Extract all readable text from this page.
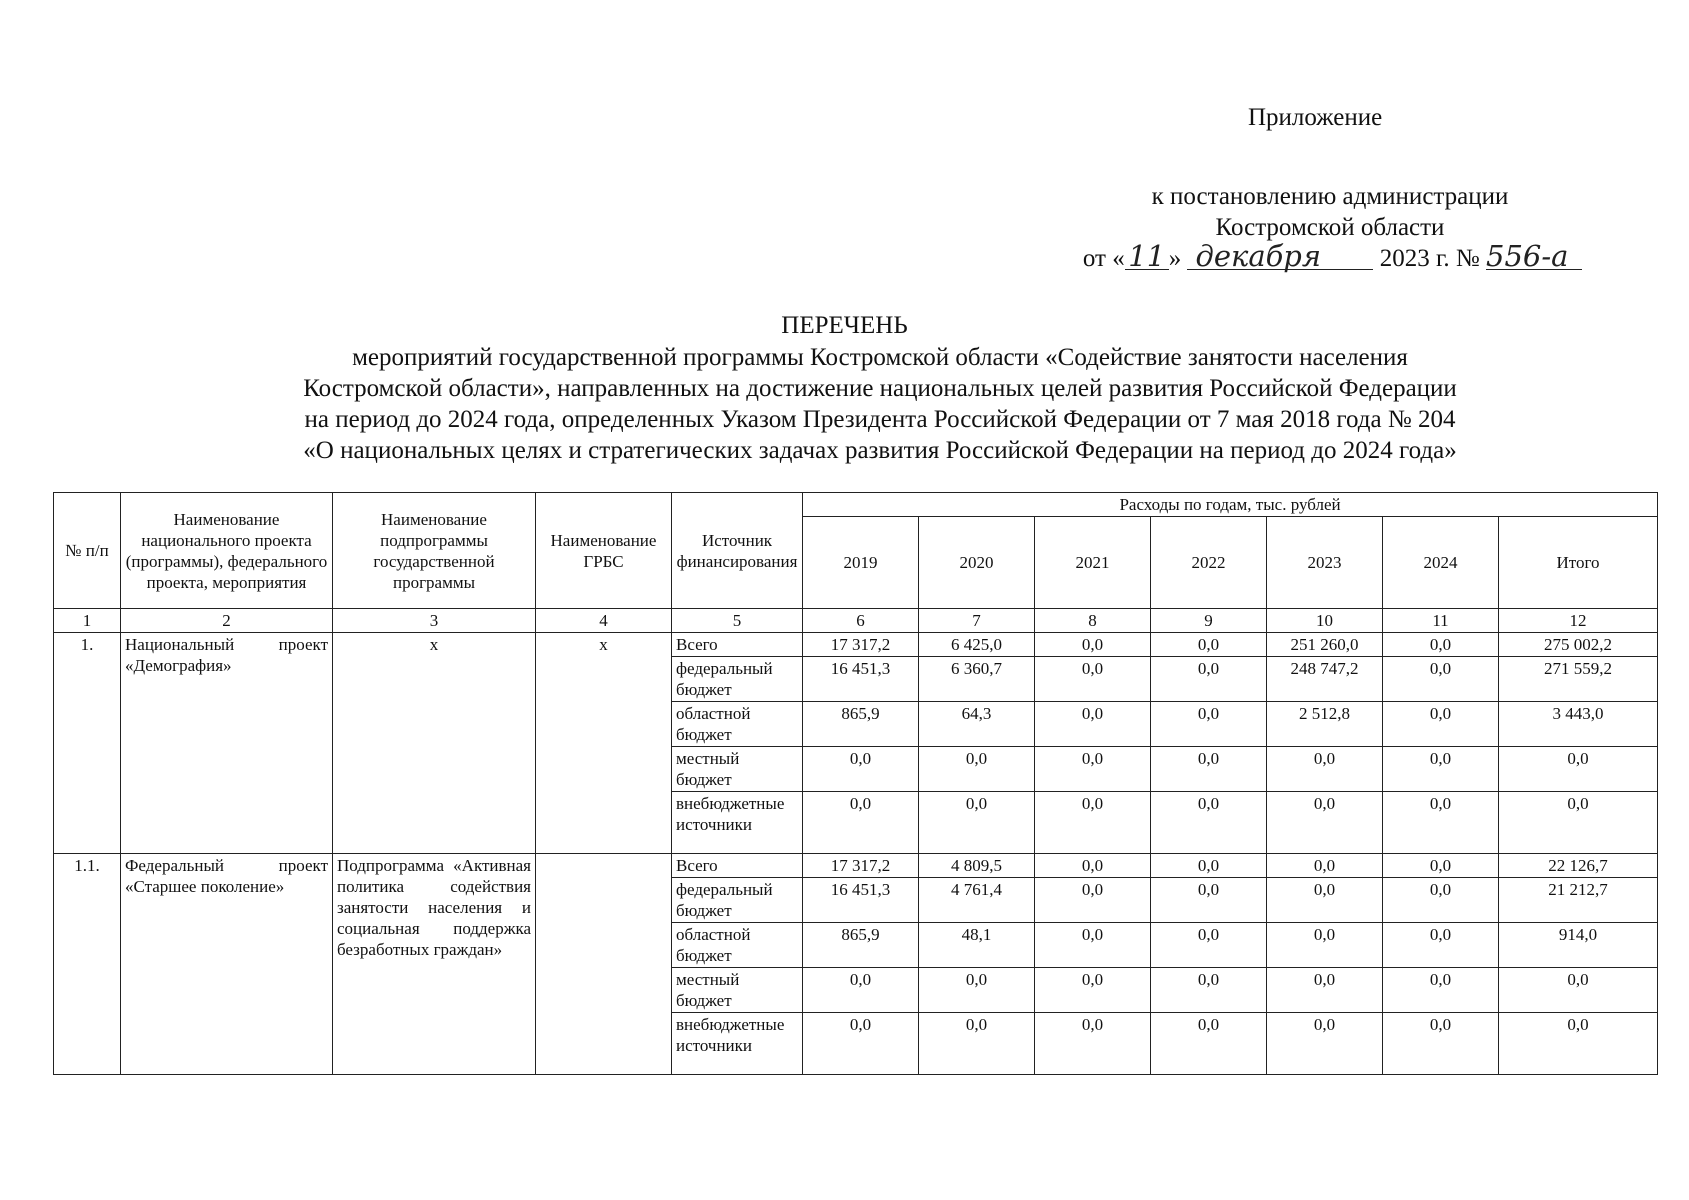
Приложение
к постановлению администрации
Костромской области
от « 11 » декабря 2023 г. № 556-а
ПЕРЕЧЕНЬ
мероприятий государственной программы Костромской области «Содействие занятости населения
Костромской области», направленных на достижение национальных целей развития Российской Федерации
на период до 2024 года, определенных Указом Президента Российской Федерации от 7 мая 2018 года № 204
«О национальных целях и стратегических задачах развития Российской Федерации на период до 2024 года»
№ п/п	Наименование национального проекта (программы), федерального проекта, мероприятия	Наименование подпрограммы государственной программы	Наименование ГРБС	Источник финансирования	Расходы по годам, тыс. рублей						
					2019	2020	2021	2022	2023	2024	Итого
1	2	3	4	5	6	7	8	9	10	11	12
1.	Национальный проект «Демография»	х	х	Всего	17 317,2	6 425,0	0,0	0,0	251 260,0	0,0	275 002,2
				федеральный бюджет	16 451,3	6 360,7	0,0	0,0	248 747,2	0,0	271 559,2
				областной бюджет	865,9	64,3	0,0	0,0	2 512,8	0,0	3 443,0
				местный бюджет	0,0	0,0	0,0	0,0	0,0	0,0	0,0
				внебюджетные источники	0,0	0,0	0,0	0,0	0,0	0,0	0,0
1.1.	Федеральный проект «Старшее поколение»	Подпрограмма «Активная политика содействия занятости населения и социальная поддержка безработных граждан»		Всего	17 317,2	4 809,5	0,0	0,0	0,0	0,0	22 126,7
				федеральный бюджет	16 451,3	4 761,4	0,0	0,0	0,0	0,0	21 212,7
				областной бюджет	865,9	48,1	0,0	0,0	0,0	0,0	914,0
				местный бюджет	0,0	0,0	0,0	0,0	0,0	0,0	0,0
				внебюджетные источники	0,0	0,0	0,0	0,0	0,0	0,0	0,0
